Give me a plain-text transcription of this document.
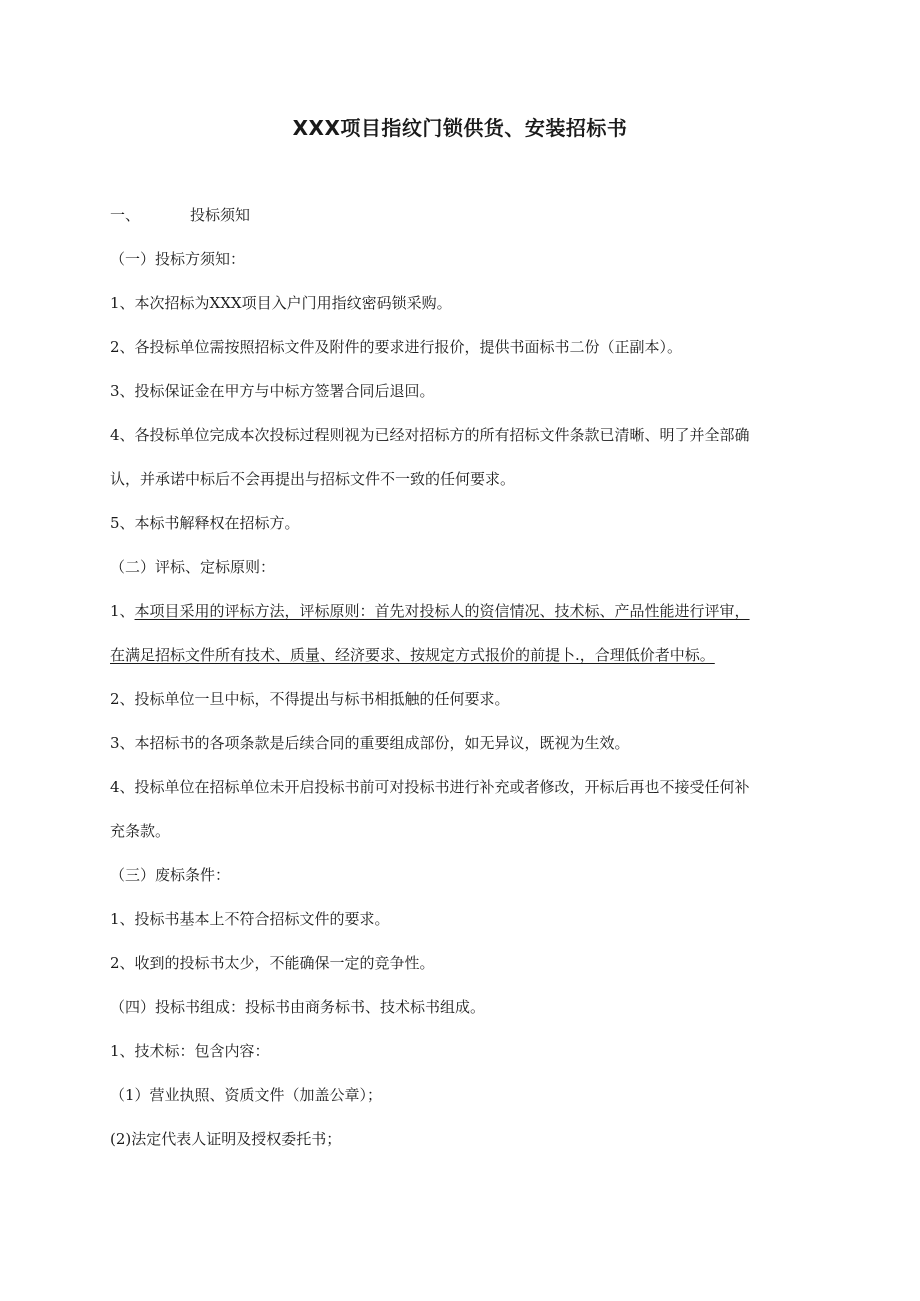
XXX项目指纹门锁供货、安装招标书
一、	投标须知
（一）投标方须知：
1、本次招标为XXX项目入户门用指纹密码锁采购。
2、各投标单位需按照招标文件及附件的要求进行报价，提供书面标书二份（正副本）。
3、投标保证金在甲方与中标方签署合同后退回。
4、各投标单位完成本次投标过程则视为已经对招标方的所有招标文件条款已清晰、明了并全部确
认，并承诺中标后不会再提出与招标文件不一致的任何要求。
5、本标书解释权在招标方。
（二）评标、定标原则：
1、本项目采用的评标方法，评标原则：首先对投标人的资信情况、技术标、产品性能进行评审，
在满足招标文件所有技术、质量、经济要求、按规定方式报价的前提卜.，合理低价者中标。
2、投标单位一旦中标，不得提出与标书相抵触的任何要求。
3、本招标书的各项条款是后续合同的重要组成部份，如无异议，既视为生效。
4、投标单位在招标单位未开启投标书前可对投标书进行补充或者修改，开标后再也不接受任何补
充条款。
（三）废标条件：
1、投标书基本上不符合招标文件的要求。
2、收到的投标书太少，不能确保一定的竞争性。
（四）投标书组成：投标书由商务标书、技术标书组成。
1、技术标：包含内容：
（1）营业执照、资质文件（加盖公章）；
(2)法定代表人证明及授权委托书；
